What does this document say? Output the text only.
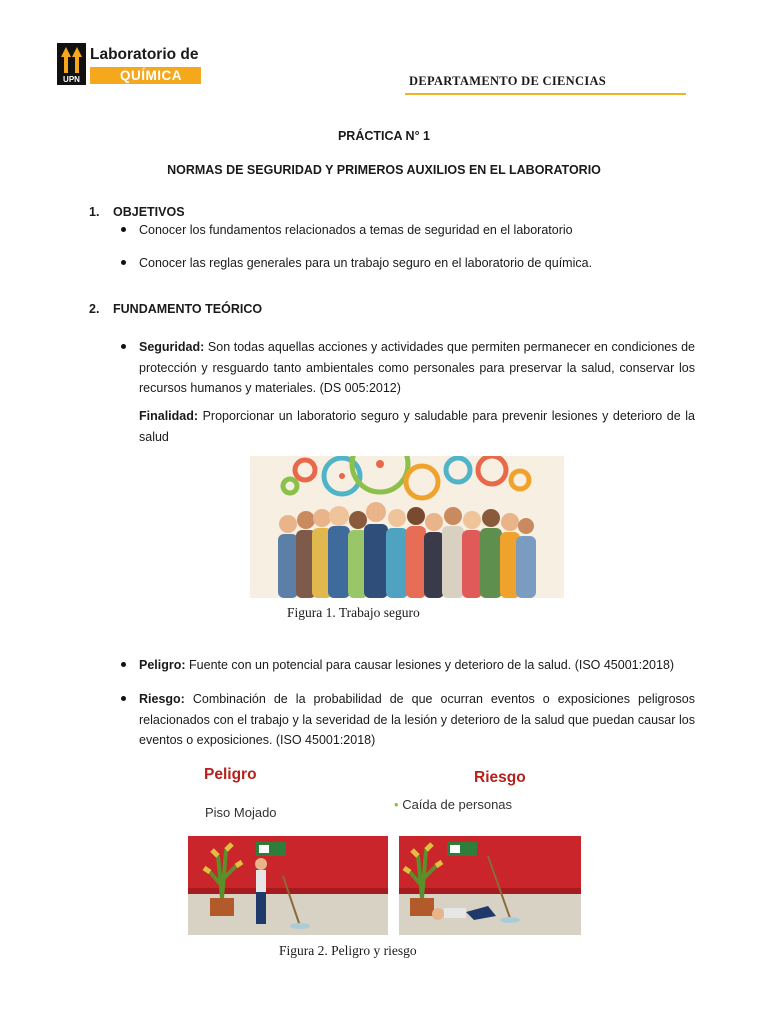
UPN
Laboratorio de
QUÍMICA	DEPARTAMENTO DE CIENCIAS
PRÁCTICA N° 1
NORMAS DE SEGURIDAD Y PRIMEROS AUXILIOS EN EL LABORATORIO
1. OBJETIVOS
Conocer los fundamentos relacionados a temas de seguridad en el laboratorio
Conocer las reglas generales para un trabajo seguro en el laboratorio de química.
2. FUNDAMENTO TEÓRICO
Seguridad: Son todas aquellas acciones y actividades que permiten permanecer en condiciones de protección y resguardo tanto ambientales como personales para preservar la salud, conservar los recursos humanos y materiales. (DS 005:2012)
Finalidad: Proporcionar un laboratorio seguro y saludable para prevenir lesiones y deterioro de la salud
Figura 1. Trabajo seguro
Peligro: Fuente con un potencial para causar lesiones y deterioro de la salud. (ISO 45001:2018)
Riesgo: Combinación de la probabilidad de que ocurran eventos o exposiciones peligrosos relacionados con el trabajo y la severidad de la lesión y deterioro de la salud que puedan causar los eventos o exposiciones. (ISO 45001:2018)
Peligro
Piso Mojado
Riesgo
• Caída de personas
Figura 2. Peligro y riesgo
